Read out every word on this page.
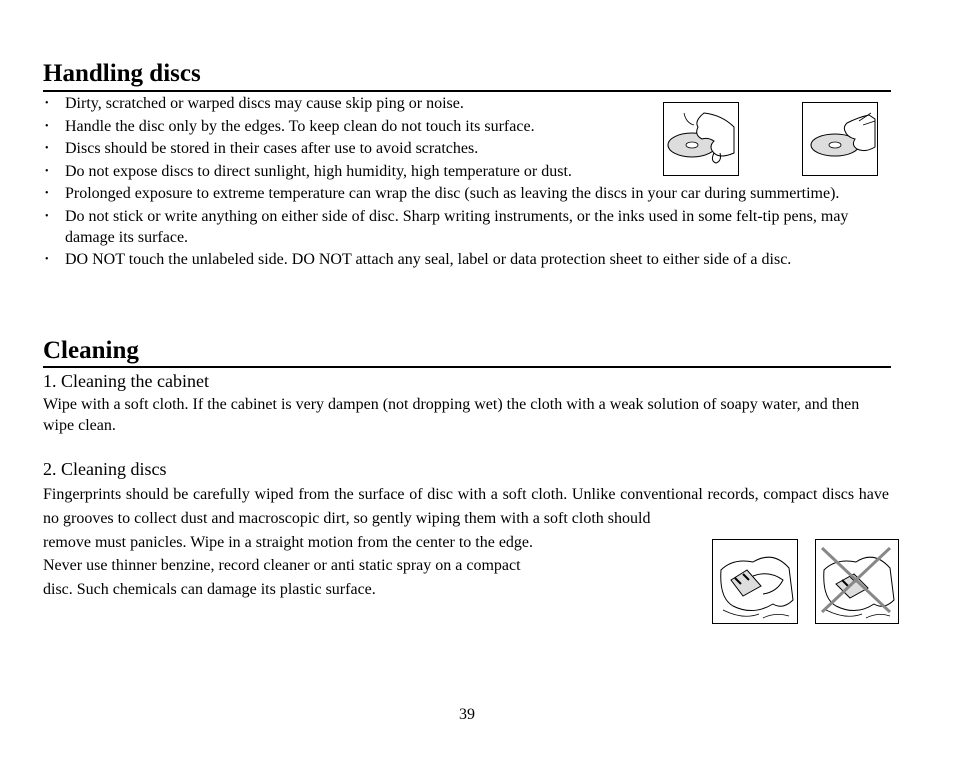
Handling discs
• Dirty, scratched or warped discs may cause skip ping or noise.
• Handle the disc only by the edges. To keep clean do not touch its surface.
• Discs should be stored in their cases after use to avoid scratches.
• Do not expose discs to direct sunlight, high humidity, high temperature or dust.
• Prolonged exposure to extreme temperature can wrap the disc (such as leaving the discs in your car during summertime).
• Do not stick or write anything on either side of disc. Sharp writing instruments, or the inks used in some felt-tip pens, may damage its surface.
• DO NOT touch the unlabeled side. DO NOT attach any seal, label or data protection sheet to either side of a disc.
Cleaning
1. Cleaning the cabinet
Wipe with a soft cloth. If the cabinet is very dampen (not dropping wet) the cloth with a weak solution of soapy water, and then wipe clean.
2. Cleaning discs
Fingerprints should be carefully wiped from the surface of disc with a soft cloth. Unlike conventional records, compact discs have no grooves to collect dust and macroscopic dirt, so gently wiping them with a soft cloth should
remove must panicles. Wipe in a straight motion from the center to the edge.
Never use thinner benzine, record cleaner or anti static spray on a compact
disc. Such chemicals can damage its plastic surface.
39
